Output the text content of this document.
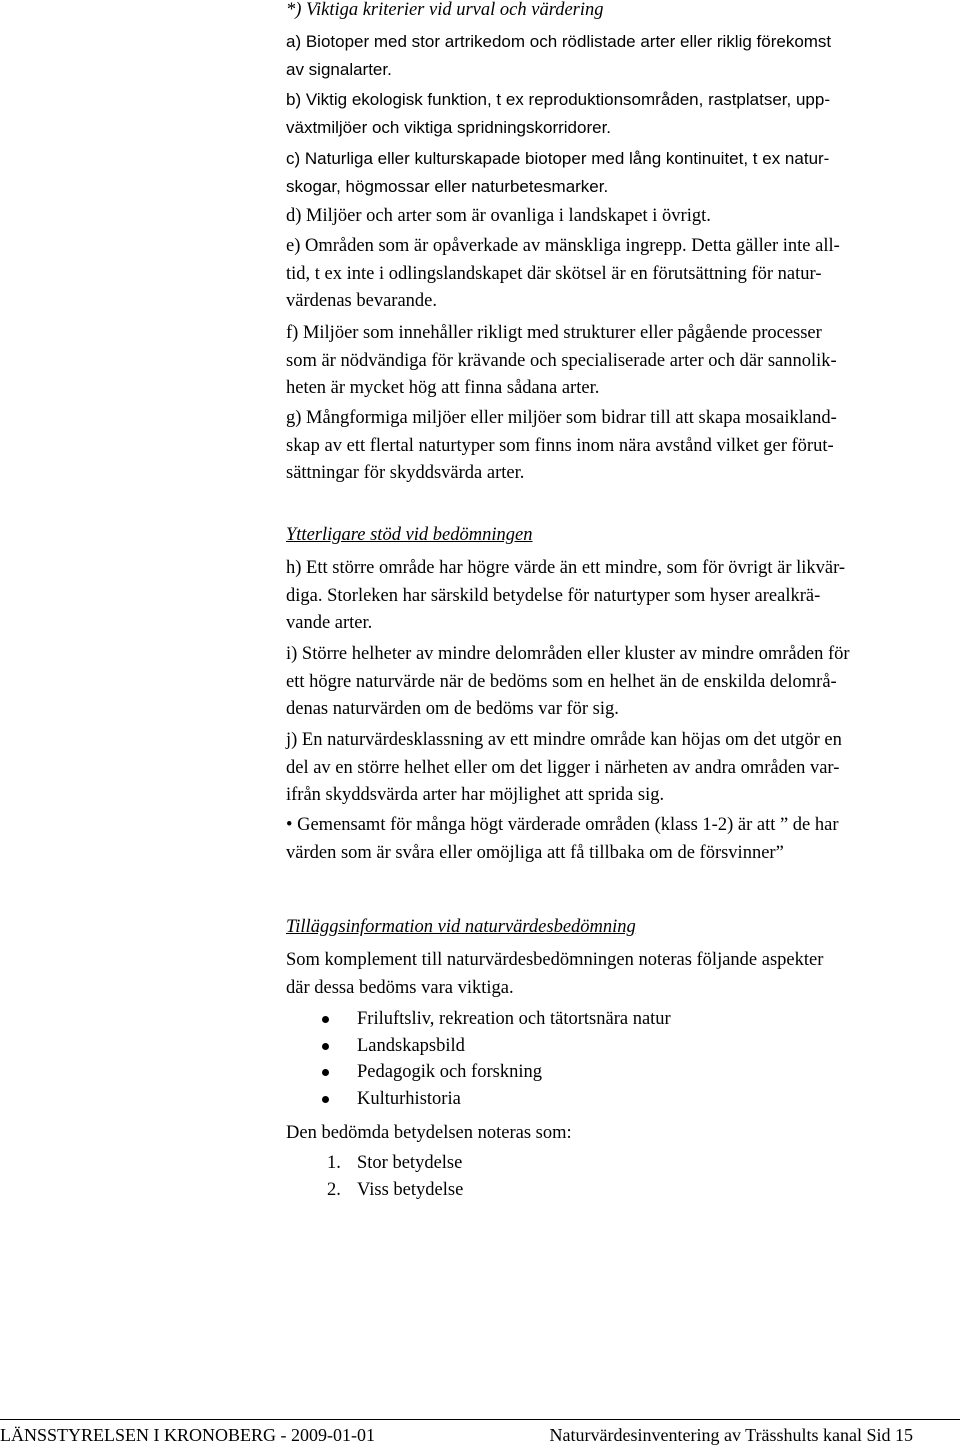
*) Viktiga kriterier vid urval och värdering
a) Biotoper med stor artrikedom och rödlistade arter eller riklig förekomst
av signalarter.
b) Viktig ekologisk funktion, t ex reproduktionsområden, rastplatser, upp-
växtmiljöer och viktiga spridningskorridorer.
c) Naturliga eller kulturskapade biotoper med lång kontinuitet, t ex natur-
skogar, högmossar eller naturbetesmarker.
d) Miljöer och arter som är ovanliga i landskapet i övrigt.
e) Områden som är opåverkade av mänskliga ingrepp. Detta gäller inte all-
tid, t ex inte i odlingslandskapet där skötsel är en förutsättning för natur-
värdenas bevarande.
f) Miljöer som innehåller rikligt med strukturer eller pågående processer
som är nödvändiga för krävande och specialiserade arter och där sannolik-
heten är mycket hög att finna sådana arter.
g) Mångformiga miljöer eller miljöer som bidrar till att skapa mosaikland-
skap av ett flertal naturtyper som finns inom nära avstånd vilket ger förut-
sättningar för skyddsvärda arter.
Ytterligare stöd vid bedömningen
h) Ett större område har högre värde än ett mindre, som för övrigt är likvär-
diga. Storleken har särskild betydelse för naturtyper som hyser arealkrä-
vande arter.
i) Större helheter av mindre delområden eller kluster av mindre områden för
ett högre naturvärde när de bedöms som en helhet än de enskilda delområ-
denas naturvärden om de bedöms var för sig.
j) En naturvärdesklassning av ett mindre område kan höjas om det utgör en
del av en större helhet eller om det ligger i närheten av andra områden var-
ifrån skyddsvärda arter har möjlighet att sprida sig.
• Gemensamt för många högt värderade områden (klass 1-2) är att ” de har
värden som är svåra eller omöjliga att få tillbaka om de försvinner”
Tilläggsinformation vid naturvärdesbedömning
Som komplement till naturvärdesbedömningen noteras följande aspekter
där dessa bedöms vara viktiga.
Friluftsliv, rekreation och tätortsnära natur
Landskapsbild
Pedagogik och forskning
Kulturhistoria
Den bedömda betydelsen noteras som:
1. Stor betydelse
2. Viss betydelse
LÄNSSTYRELSEN I KRONOBERG - 2009-01-01	Naturvärdesinventering av Trässhults kanal Sid 15
